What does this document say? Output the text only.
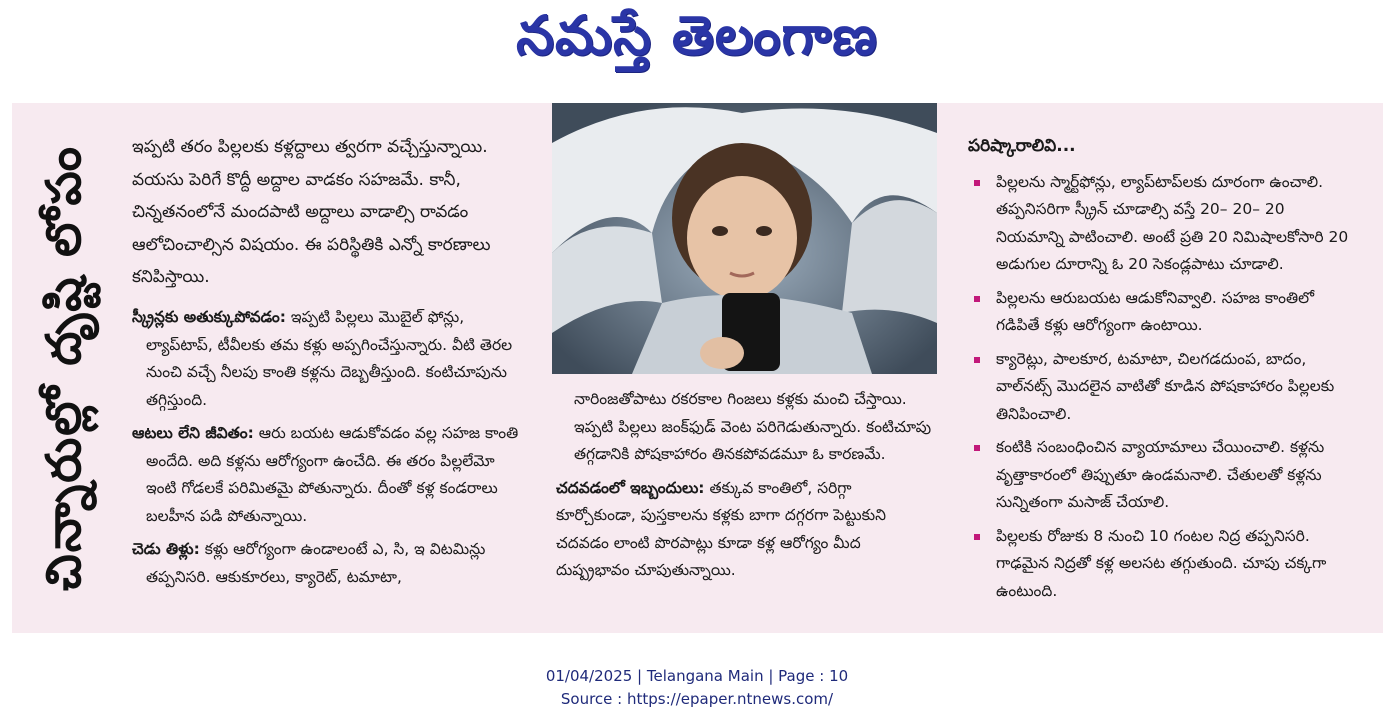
నమస్తే తెలంగాణ
చిన్నారుల్లో దృష్టి లోపం	ఇప్పటి తరం పిల్లలకు కళ్లద్దాలు త్వరగా వచ్చేస్తున్నాయి. వయసు పెరిగే కొద్దీ అద్దాల వాడకం సహజమే. కానీ, చిన్నతనంలోనే మందపాటి అద్దాలు వాడాల్సి రావడం ఆలోచించాల్సిన విషయం. ఈ పరిస్థితికి ఎన్నో కారణాలు కనిపిస్తాయి.

స్క్రీన్లకు అతుక్కుపోవడం: ఇప్పటి పిల్లలు మొబైల్ ఫోన్లు, ల్యాప్‌టాప్, టీవీలకు తమ కళ్లు అప్పగించేస్తున్నారు. వీటి తెరల నుంచి వచ్చే నీలపు కాంతి కళ్లను దెబ్బతీస్తుంది. కంటిచూపును తగ్గిస్తుంది.

ఆటలు లేని జీవితం: ఆరు బయట ఆడుకోవడం వల్ల సహజ కాంతి అందేది. అది కళ్లను ఆరోగ్యంగా ఉంచేది. ఈ తరం పిల్లలేమో ఇంటి గోడలకే పరిమితమై పోతున్నారు. దీంతో కళ్ల కండరాలు బలహీన పడి పోతున్నాయి.

చెడు తిళ్లు: కళ్లు ఆరోగ్యంగా ఉండాలంటే ఎ, సి, ఇ విటమిన్లు తప్పనిసరి. ఆకుకూరలు, క్యారెట్, టమాటా,

నారింజతోపాటు రకరకాల గింజలు కళ్లకు మంచి చేస్తాయి. ఇప్పటి పిల్లలు జంక్‌ఫుడ్ వెంట పరిగెడుతున్నారు. కంటిచూపు తగ్గడానికి పోషకాహారం తినకపోవడమూ ఓ కారణమే.

చదవడంలో ఇబ్బందులు: తక్కువ కాంతిలో, సరిగ్గా కూర్చోకుండా, పుస్తకాలను కళ్లకు బాగా దగ్గరగా పెట్టుకుని చదవడం లాంటి పొరపాట్లు కూడా కళ్ల ఆరోగ్యం మీద దుష్ప్రభావం చూపుతున్నాయి.

పరిష్కారాలివి...

పిల్లలను స్మార్ట్‌ఫోన్లు, ల్యాప్‌టాప్‌లకు దూరంగా ఉంచాలి. తప్పనిసరిగా స్క్రీన్ చూడాల్సి వస్తే 20– 20– 20 నియమాన్ని పాటించాలి. అంటే ప్రతి 20 నిమిషాలకోసారి 20 అడుగుల దూరాన్ని ఓ 20 సెకండ్లపాటు చూడాలి.

పిల్లలను ఆరుబయట ఆడుకోనివ్వాలి. సహజ కాంతిలో గడిపితే కళ్లు ఆరోగ్యంగా ఉంటాయి.

క్యారెట్లు, పాలకూర, టమాటా, చిలగడదుంప, బాదం, వాల్‌నట్స్ మొదలైన వాటితో కూడిన పోషకాహారం పిల్లలకు తినిపించాలి.

కంటికి సంబంధించిన వ్యాయామాలు చేయించాలి. కళ్లను వృత్తాకారంలో తిప్పుతూ ఉండమనాలి. చేతులతో కళ్లను సున్నితంగా మసాజ్ చేయాలి.

పిల్లలకు రోజుకు 8 నుంచి 10 గంటల నిద్ర తప్పనిసరి. గాఢమైన నిద్రతో కళ్ల అలసట తగ్గుతుంది. చూపు చక్కగా ఉంటుంది.

01/04/2025 | Telangana Main | Page : 10
Source : https://epaper.ntnews.com/
